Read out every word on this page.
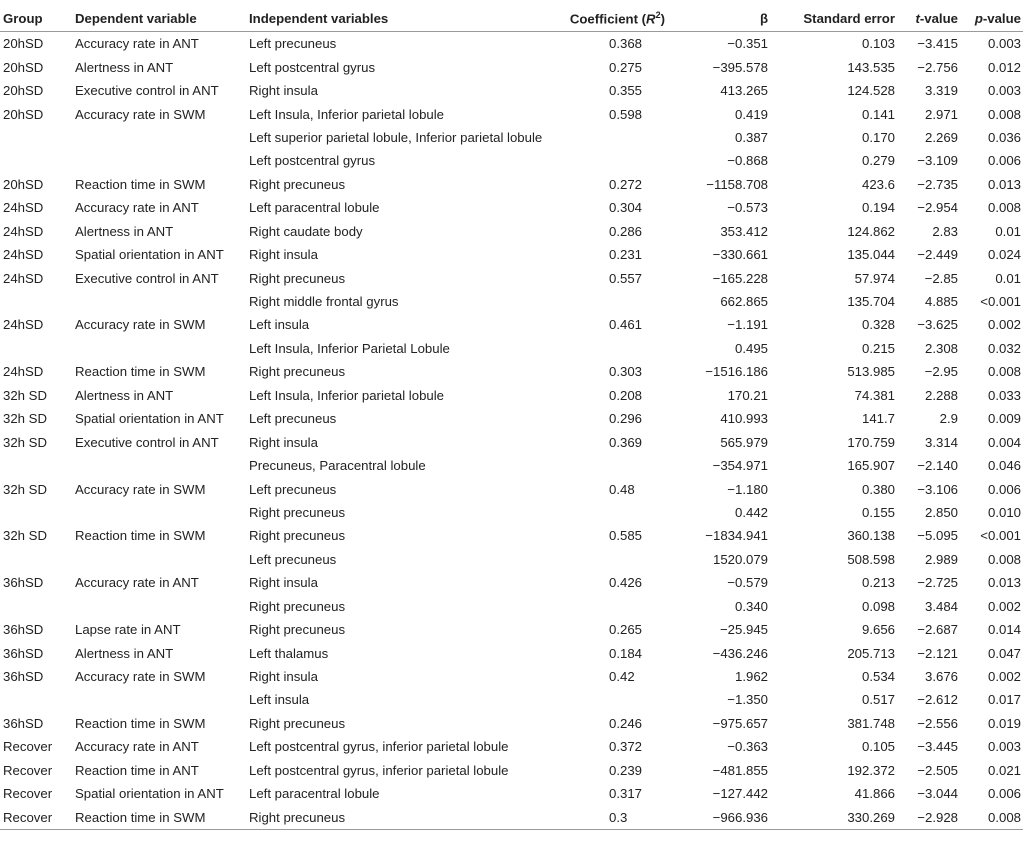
Group	Dependent variable	Independent variables	Coefficient $(R^2)$	β	Standard error	t-value	p-value
20hSD	Accuracy rate in ANT	Left precuneus	0.368	−0.351	0.103	−3.415	0.003
20hSD	Alertness in ANT	Left postcentral gyrus	0.275	−395.578	143.535	−2.756	0.012
20hSD	Executive control in ANT	Right insula	0.355	413.265	124.528	3.319	0.003
20hSD	Accuracy rate in SWM	Left Insula, Inferior parietal lobule	0.598	0.419	0.141	2.971	0.008
		Left superior parietal lobule, Inferior parietal lobule		0.387	0.170	2.269	0.036
		Left postcentral gyrus		−0.868	0.279	−3.109	0.006
20hSD	Reaction time in SWM	Right precuneus	0.272	−1158.708	423.6	−2.735	0.013
24hSD	Accuracy rate in ANT	Left paracentral lobule	0.304	−0.573	0.194	−2.954	0.008
24hSD	Alertness in ANT	Right caudate body	0.286	353.412	124.862	2.83	0.01
24hSD	Spatial orientation in ANT	Right insula	0.231	−330.661	135.044	−2.449	0.024
24hSD	Executive control in ANT	Right precuneus	0.557	−165.228	57.974	−2.85	0.01
		Right middle frontal gyrus		662.865	135.704	4.885	<0.001
24hSD	Accuracy rate in SWM	Left insula	0.461	−1.191	0.328	−3.625	0.002
		Left Insula, Inferior Parietal Lobule		0.495	0.215	2.308	0.032
24hSD	Reaction time in SWM	Right precuneus	0.303	−1516.186	513.985	−2.95	0.008
32h SD	Alertness in ANT	Left Insula, Inferior parietal lobule	0.208	170.21	74.381	2.288	0.033
32h SD	Spatial orientation in ANT	Left precuneus	0.296	410.993	141.7	2.9	0.009
32h SD	Executive control in ANT	Right insula	0.369	565.979	170.759	3.314	0.004
		Precuneus, Paracentral lobule		−354.971	165.907	−2.140	0.046
32h SD	Accuracy rate in SWM	Left precuneus	0.48	−1.180	0.380	−3.106	0.006
		Right precuneus		0.442	0.155	2.850	0.010
32h SD	Reaction time in SWM	Right precuneus	0.585	−1834.941	360.138	−5.095	<0.001
		Left precuneus		1520.079	508.598	2.989	0.008
36hSD	Accuracy rate in ANT	Right insula	0.426	−0.579	0.213	−2.725	0.013
		Right precuneus		0.340	0.098	3.484	0.002
36hSD	Lapse rate in ANT	Right precuneus	0.265	−25.945	9.656	−2.687	0.014
36hSD	Alertness in ANT	Left thalamus	0.184	−436.246	205.713	−2.121	0.047
36hSD	Accuracy rate in SWM	Right insula	0.42	1.962	0.534	3.676	0.002
		Left insula		−1.350	0.517	−2.612	0.017
36hSD	Reaction time in SWM	Right precuneus	0.246	−975.657	381.748	−2.556	0.019
Recover	Accuracy rate in ANT	Left postcentral gyrus, inferior parietal lobule	0.372	−0.363	0.105	−3.445	0.003
Recover	Reaction time in ANT	Left postcentral gyrus, inferior parietal lobule	0.239	−481.855	192.372	−2.505	0.021
Recover	Spatial orientation in ANT	Left paracentral lobule	0.317	−127.442	41.866	−3.044	0.006
Recover	Reaction time in SWM	Right precuneus	0.3	−966.936	330.269	−2.928	0.008
